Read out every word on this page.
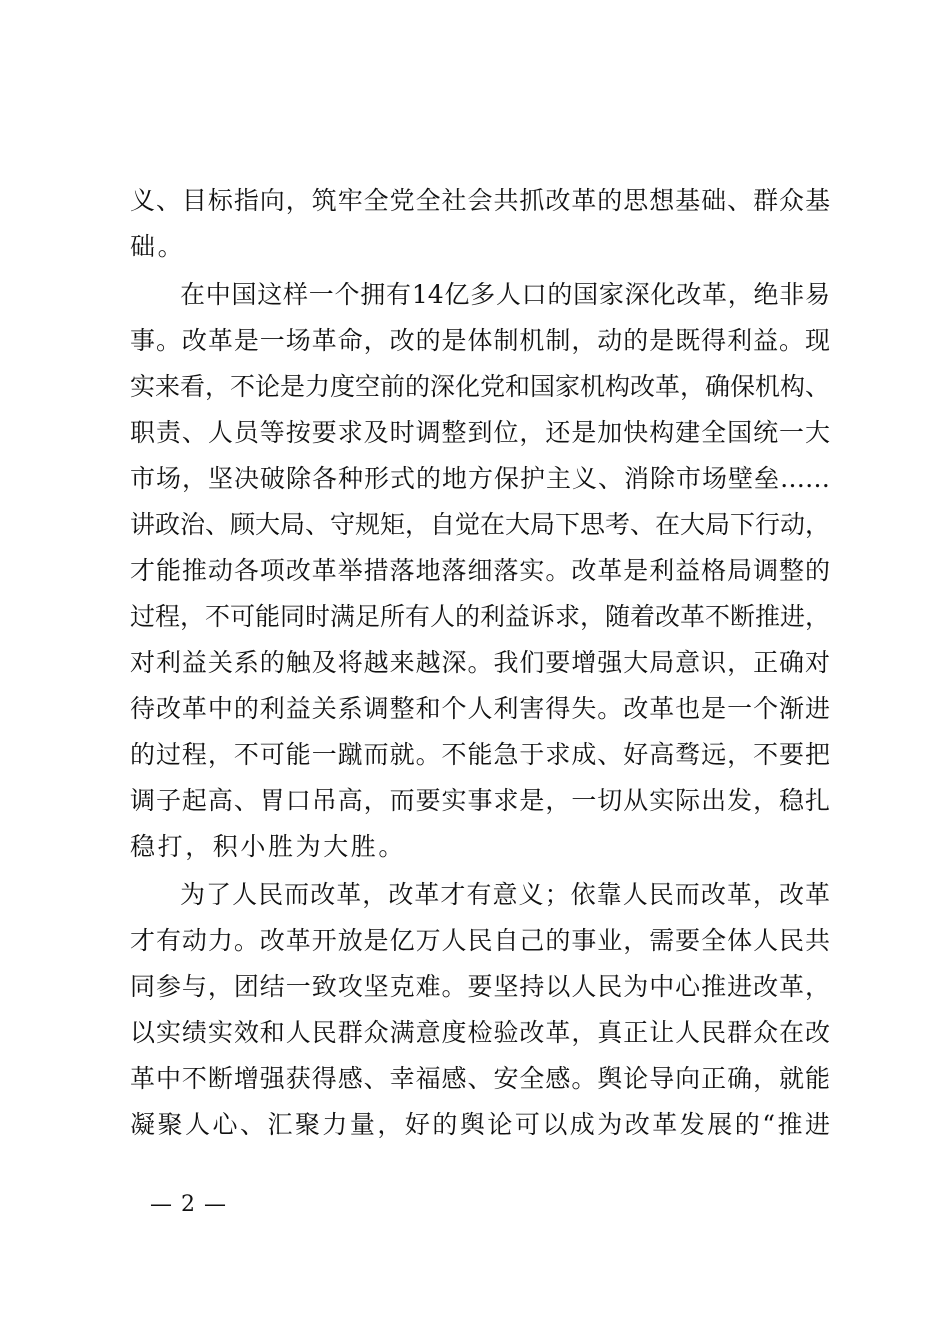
义、目标指向，筑牢全党全社会共抓改革的思想基础、群众基
础。
在中国这样一个拥有14亿多人口的国家深化改革，绝非易
事。改革是一场革命，改的是体制机制，动的是既得利益。现
实来看，不论是力度空前的深化党和国家机构改革，确保机构、
职责、人员等按要求及时调整到位，还是加快构建全国统一大
市场，坚决破除各种形式的地方保护主义、消除市场壁垒……
讲政治、顾大局、守规矩，自觉在大局下思考、在大局下行动，
才能推动各项改革举措落地落细落实。改革是利益格局调整的
过程，不可能同时满足所有人的利益诉求，随着改革不断推进，
对利益关系的触及将越来越深。我们要增强大局意识，正确对
待改革中的利益关系调整和个人利害得失。改革也是一个渐进
的过程，不可能一蹴而就。不能急于求成、好高骛远，不要把
调子起高、胃口吊高，而要实事求是，一切从实际出发，稳扎
稳打，积小胜为大胜。
为了人民而改革，改革才有意义；依靠人民而改革，改革
才有动力。改革开放是亿万人民自己的事业，需要全体人民共
同参与，团结一致攻坚克难。要坚持以人民为中心推进改革，
以实绩实效和人民群众满意度检验改革，真正让人民群众在改
革中不断增强获得感、幸福感、安全感。舆论导向正确，就能
凝聚人心、汇聚力量，好的舆论可以成为改革发展的“推进
— 2 —
